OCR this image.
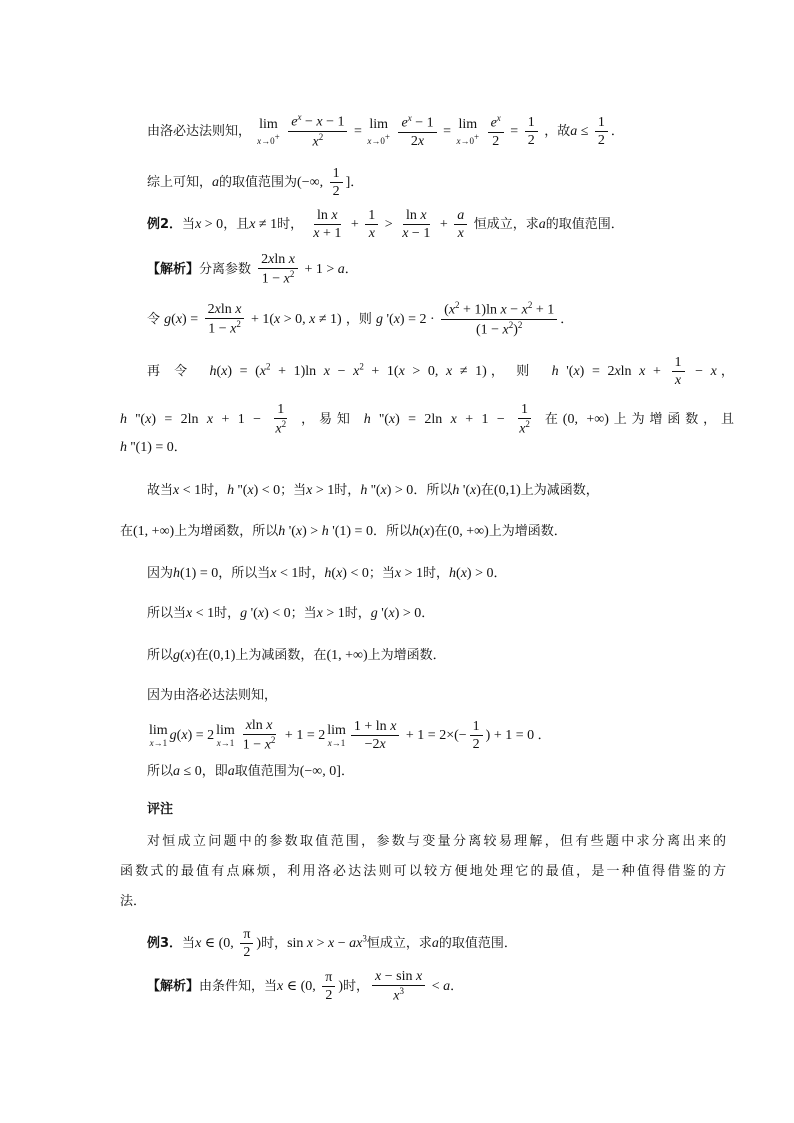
由洛必达法则知， lim
x→0+
$\frac{e^x - x - 1}{x^2} = \lim$
x→0+
$\frac{e^x - 1}{2x} = \lim$
x→0+
$\frac{e^x}{2} = \frac{1}{2}$ ，故$a \le \frac{1}{2}$ ．
综上可知，a的取值范围为(−∞, $\frac{1}{2}$ ]．
例2．当x > 0，且x ≠ 1时， $\frac{\text{ln x}}{x + 1} + \frac{1}{x} > \frac{\text{ln x}}{x - 1} + \frac{a}{x}$ 恒成立，求a的取值范围．
【解析】分离参数 $\frac{\text{2xln x}}{1 - x^2} + 1 > a$．
令 $g(x) = \frac{\text{2xln x}}{1 - x^2} + 1(x > 0$, x ≠ 1) ，则 g '$(x) = 2 \cdot \frac{(x^2 + 1)\ln x - x^2 + 1}{(1 - x^2)^2}$ ．
再令 $h(x) = (x^2 + 1)\ln$ $x - x^2 + 1(x > 0$, x ≠ 1)， 则 h '(x) = 2xln $x + \frac{1}{x} - x$，
h ''(x) = 2ln $x + 1 - \frac{1}{x^2}$ ，易知 h ''(x) = 2ln $x + 1 - \frac{1}{x^2}$ 在(0, +∞)上为增函数，且
h ''(1) = 0．
故当x < 1时，h ''(x) < 0；当x > 1时，h ''(x) > 0．所以h '(x)在(0,1)上为减函数，
在(1, +∞)上为增函数，所以h '(x) > h '(1) = 0．所以h(x)在(0, +∞)上为增函数．
因为h(1) = 0，所以当x < 1时，h(x) < 0；当x > 1时，h(x) > 0．
所以当x < 1时，g '(x) < 0；当x > 1时，g '(x) > 0．
所以g(x)在(0,1)上为减函数，在(1, +∞)上为增函数．
因为由洛必达法则知，
lim
x→1 g(x) = 2 lim
$x\to 1 \frac{\text{xln x}}{1 - x^2} + 1 = 2$ lim
$x\to 1 \frac{\text{1 + ln x}}{-2x} + 1 = 2\times(- \frac{1}{2}$ ) + 1 = 0 ．
所以a ≤ 0，即a取值范围为(−∞, 0]．
评注
对恒成立问题中的参数取值范围，参数与变量分离较易理解，但有些题中求分离出来的
函数式的最值有点麻烦，利用洛必达法则可以较方便地处理它的最值，是一种值得借鉴的方
法．
例3．当x ∈ (0, $\frac{\pi}{2}$ )时，$\sin x > x - ax^3$恒成立，求a的取值范围．
【解析】由条件知，当x ∈ (0, $\frac{\pi}{2}$ )时， $\frac{\text{x − sin x}}{x^3} < a$．
